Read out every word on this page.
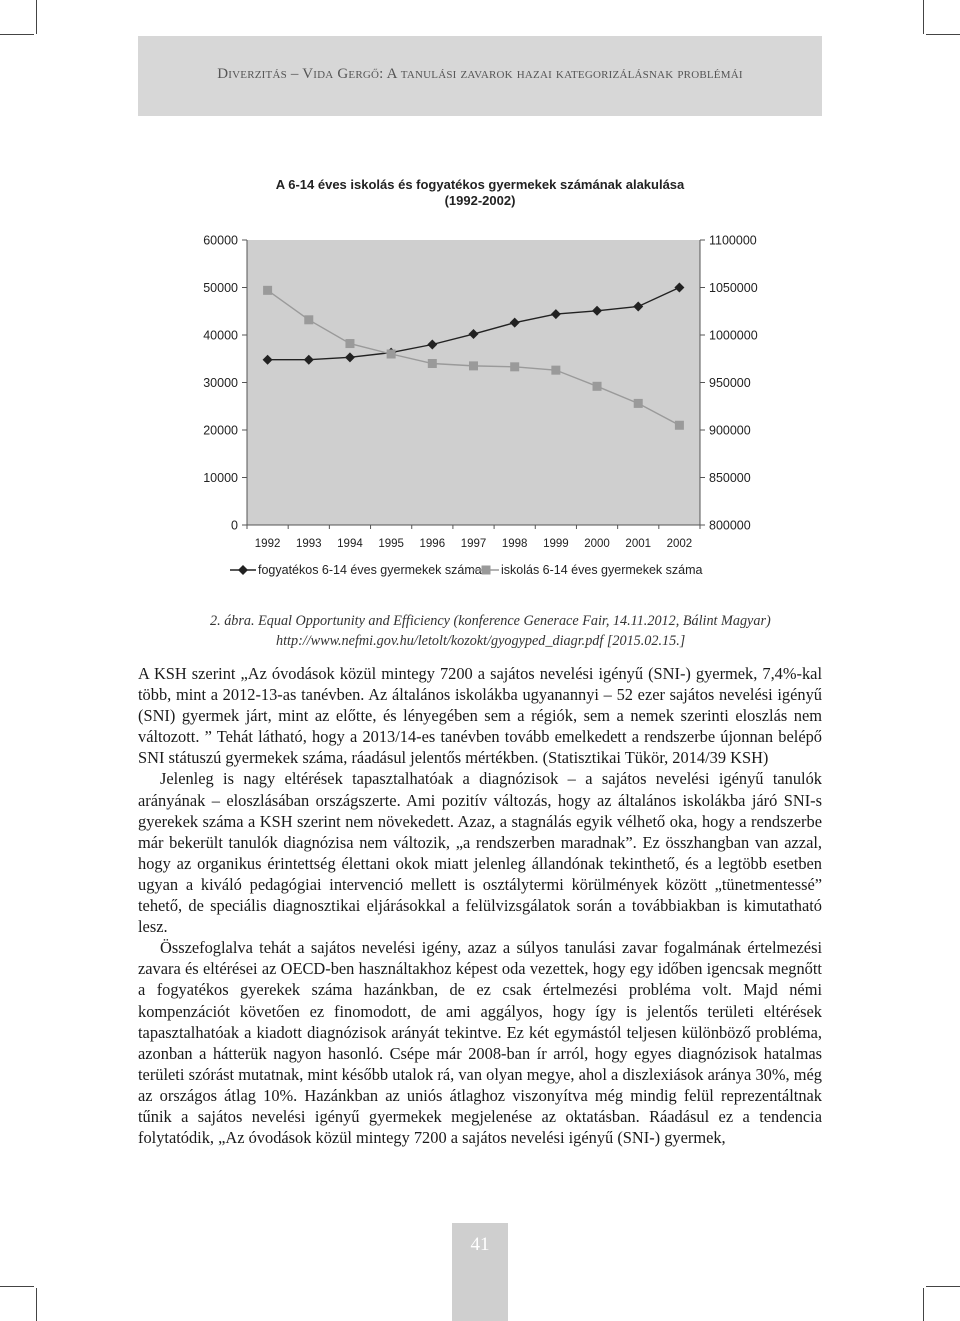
Diverzitás – Vida Gergő: A tanulási zavarok hazai kategorizálásnak problémái
A 6-14 éves iskolás és fogyatékos gyermekek számának alakulása
(1992-2002)
0
10000
20000
30000
40000
50000
60000
800000
850000
900000
950000
1000000
1050000
1100000
1992 1993 1994 1995 1996 1997 1998 1999 2000 2001 2002
fogyatékos 6-14 éves gyermekek száma iskolás 6-14 éves gyermekek száma
2. ábra. Equal Opportunity and Efficiency (konference Generace Fair, 14.11.2012, Bálint Magyar)
http://www.nefmi.gov.hu/letolt/kozokt/gyogyped_diagr.pdf [2015.02.15.]

A KSH szerint „Az óvodások közül mintegy 7200 a sajátos nevelési igényű (SNI-) gyermek, 7,4%-kal több, mint a 2012-13-as tanévben. Az általános iskolákba ugyanannyi – 52 ezer sajátos nevelési igényű (SNI) gyermek járt, mint az előtte, és lényegében sem a régiók, sem a nemek szerinti eloszlás nem változott. ” Tehát látható, hogy a 2013/14-es tanévben tovább emelkedett a rendszerbe újonnan belépő SNI státuszú gyermekek száma, ráadásul jelentős mértékben. (Statisztikai Tükör, 2014/39 KSH)

Jelenleg is nagy eltérések tapasztalhatóak a diagnózisok – a sajátos nevelési igényű tanulók arányának – eloszlásában országszerte. Ami pozitív változás, hogy az általános iskolákba járó SNI-s gyerekek száma a KSH szerint nem növekedett. Azaz, a stagnálás egyik vélhető oka, hogy a rendszerbe már bekerült tanulók diagnózisa nem változik, „a rendszerben maradnak”. Ez összhangban van azzal, hogy az organikus érintettség élettani okok miatt jelenleg állandónak tekinthető, és a legtöbb esetben ugyan a kiváló pedagógiai intervenció mellett is osztálytermi körülmények között „tünetmentessé” tehető, de speciális diagnosztikai eljárásokkal a felülvizsgálatok során a továbbiakban is kimutatható lesz.

Összefoglalva tehát a sajátos nevelési igény, azaz a súlyos tanulási zavar fogalmának értelmezési zavara és eltérései az OECD-ben használtakhoz képest oda vezettek, hogy egy időben igencsak megnőtt a fogyatékos gyerekek száma hazánkban, de ez csak értelmezési probléma volt. Majd némi kompenzációt követően ez finomodott, de ami aggályos, hogy így is jelentős területi eltérések tapasztalhatóak a kiadott diagnózisok arányát tekintve. Ez két egymástól teljesen különböző probléma, azonban a hátterük nagyon hasonló. Csépe már 2008-ban ír arról, hogy egyes diagnózisok hatalmas területi szórást mutatnak, mint később utalok rá, van olyan megye, ahol a diszlexiások aránya 30%, még az országos átlag 10%. Hazánkban az uniós átlaghoz viszonyítva még mindig felül reprezentáltnak tűnik a sajátos nevelési igényű gyermekek megjelenése az oktatásban. Ráadásul ez a tendencia folytatódik, „Az óvodások közül mintegy 7200 a sajátos nevelési igényű (SNI-) gyermek,

41
